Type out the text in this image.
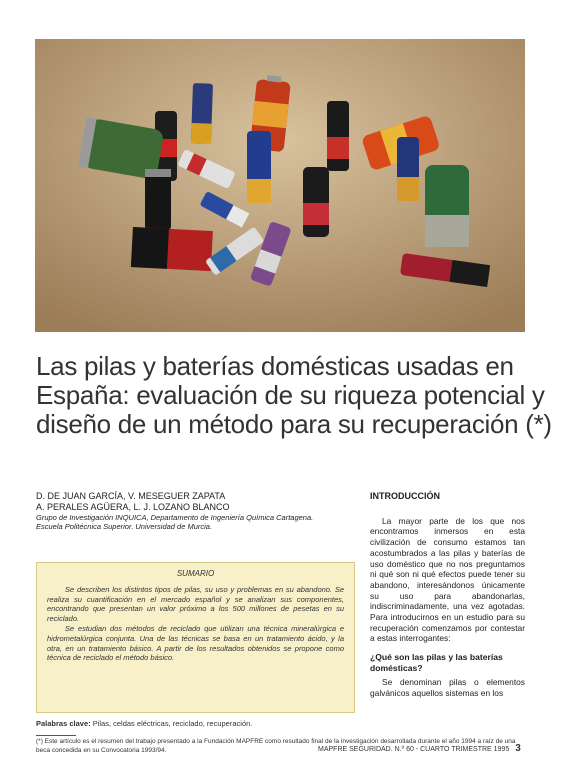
Las pilas y baterías domésticas usadas en
España: evaluación de su riqueza potencial y
diseño de un método para su recuperación (*)
D. DE JUAN GARCÍA, V. MESEGUER ZAPATA
A. PERALES AGÜERA, L. J. LOZANO BLANCO
Grupo de Investigación INQUICA, Departamento de Ingeniería Química Cartagena.
Escuela Politécnica Superior. Universidad de Murcia.
SUMARIO

Se describen los distintos tipos de pilas, su uso y problemas en su abandono. Se realiza su cuantificación en el mercado español y se analizan sus componentes, encontrando que presentan un valor próximo a los 500 millones de pesetas en su reciclado.

Se estudian dos métodos de reciclado que utilizan una técnica mineralúrgica e hidrometalúrgica conjunta. Una de las técnicas se basa en un tratamiento ácido, y la otra, en un tratamiento básico. A partir de los resultados obtenidos se propone como técnica de reciclado el método básico.

Palabras clave: Pilas, celdas eléctricas, reciclado, recuperación.
(*) Este artículo es el resumen del trabajo presentado a la Fundación MAPFRE como resultado final de la investigación desarrollada durante el año 1994 a raíz de una beca concedida en su Convocatoria 1993/94.
INTRODUCCIÓN

La mayor parte de los que nos encontramos inmersos en esta civilización de consumo estamos tan acostumbrados a las pilas y baterías de uso doméstico que no nos preguntamos ni qué son ni qué efectos puede tener su abandono, interesándonos únicamente su uso para abandonarlas, indiscriminadamente, una vez agotadas. Para introducirnos en un estudio para su recuperación comenzamos por contestar a estas interrogantes:

¿Qué son las pilas y las baterías domésticas?

Se denominan pilas o elementos galvánicos aquellos sistemas en los

MAPFRE SEGURIDAD. N.º 60 - CUARTO TRIMESTRE 1995 3
